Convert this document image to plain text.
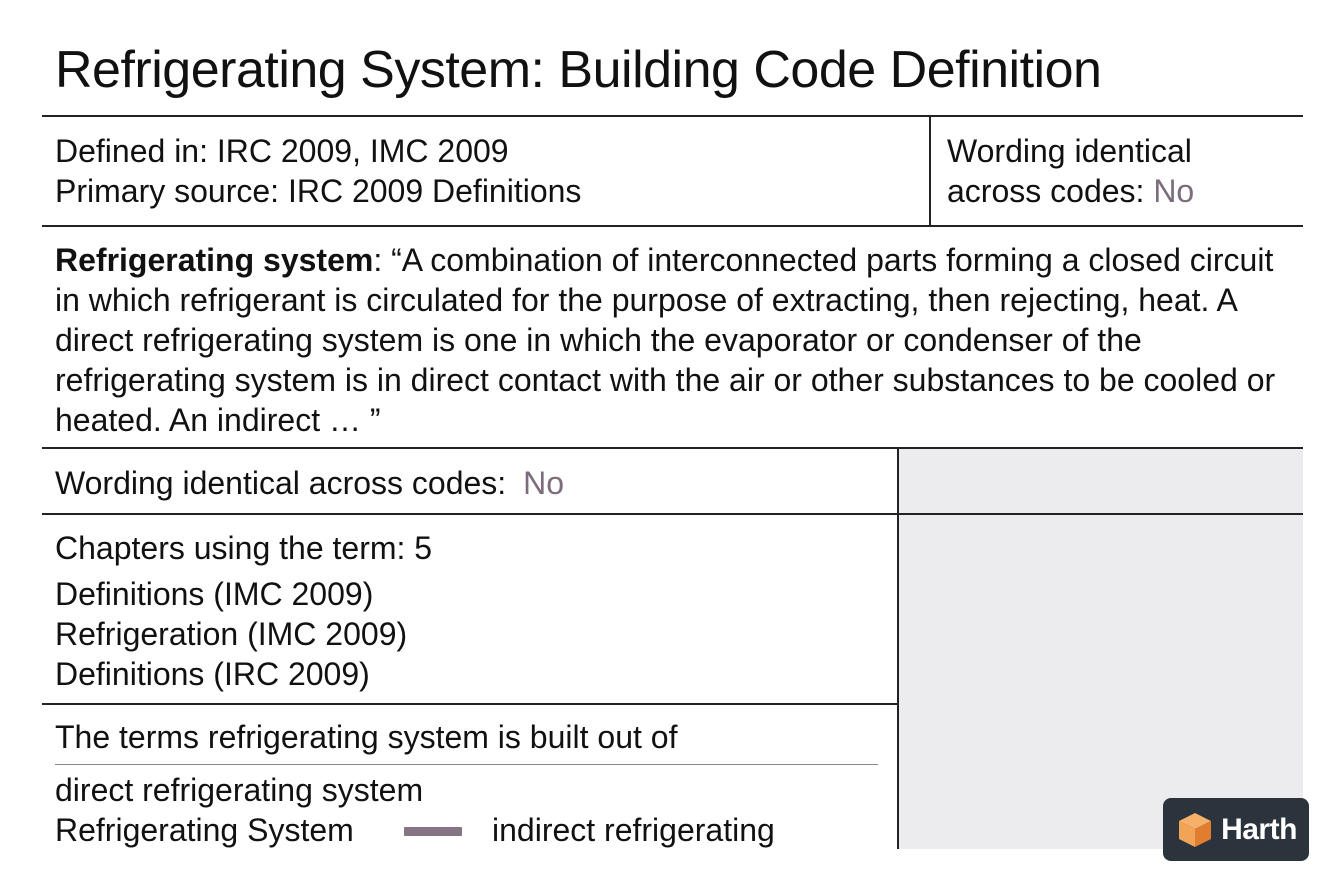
Refrigerating System: Building Code Definition
Defined in: IRC 2009, IMC 2009
Primary source: IRC 2009 Definitions
Wording identical
across codes: No
Refrigerating system: “A combination of interconnected parts forming a closed circuit in which refrigerant is circulated for the purpose of extracting, then rejecting, heat. A direct refrigerating system is one in which the evaporator or condenser of the refrigerating system is in direct contact with the air or other substances to be cooled or heated. An indirect … ”
Wording identical across codes: No
Chapters using the term: 5
Definitions (IMC 2009)
Refrigeration (IMC 2009)
Definitions (IRC 2009)
The terms refrigerating system is built out of
direct refrigerating system
Refrigerating System	indirect refrigerating	Harth
